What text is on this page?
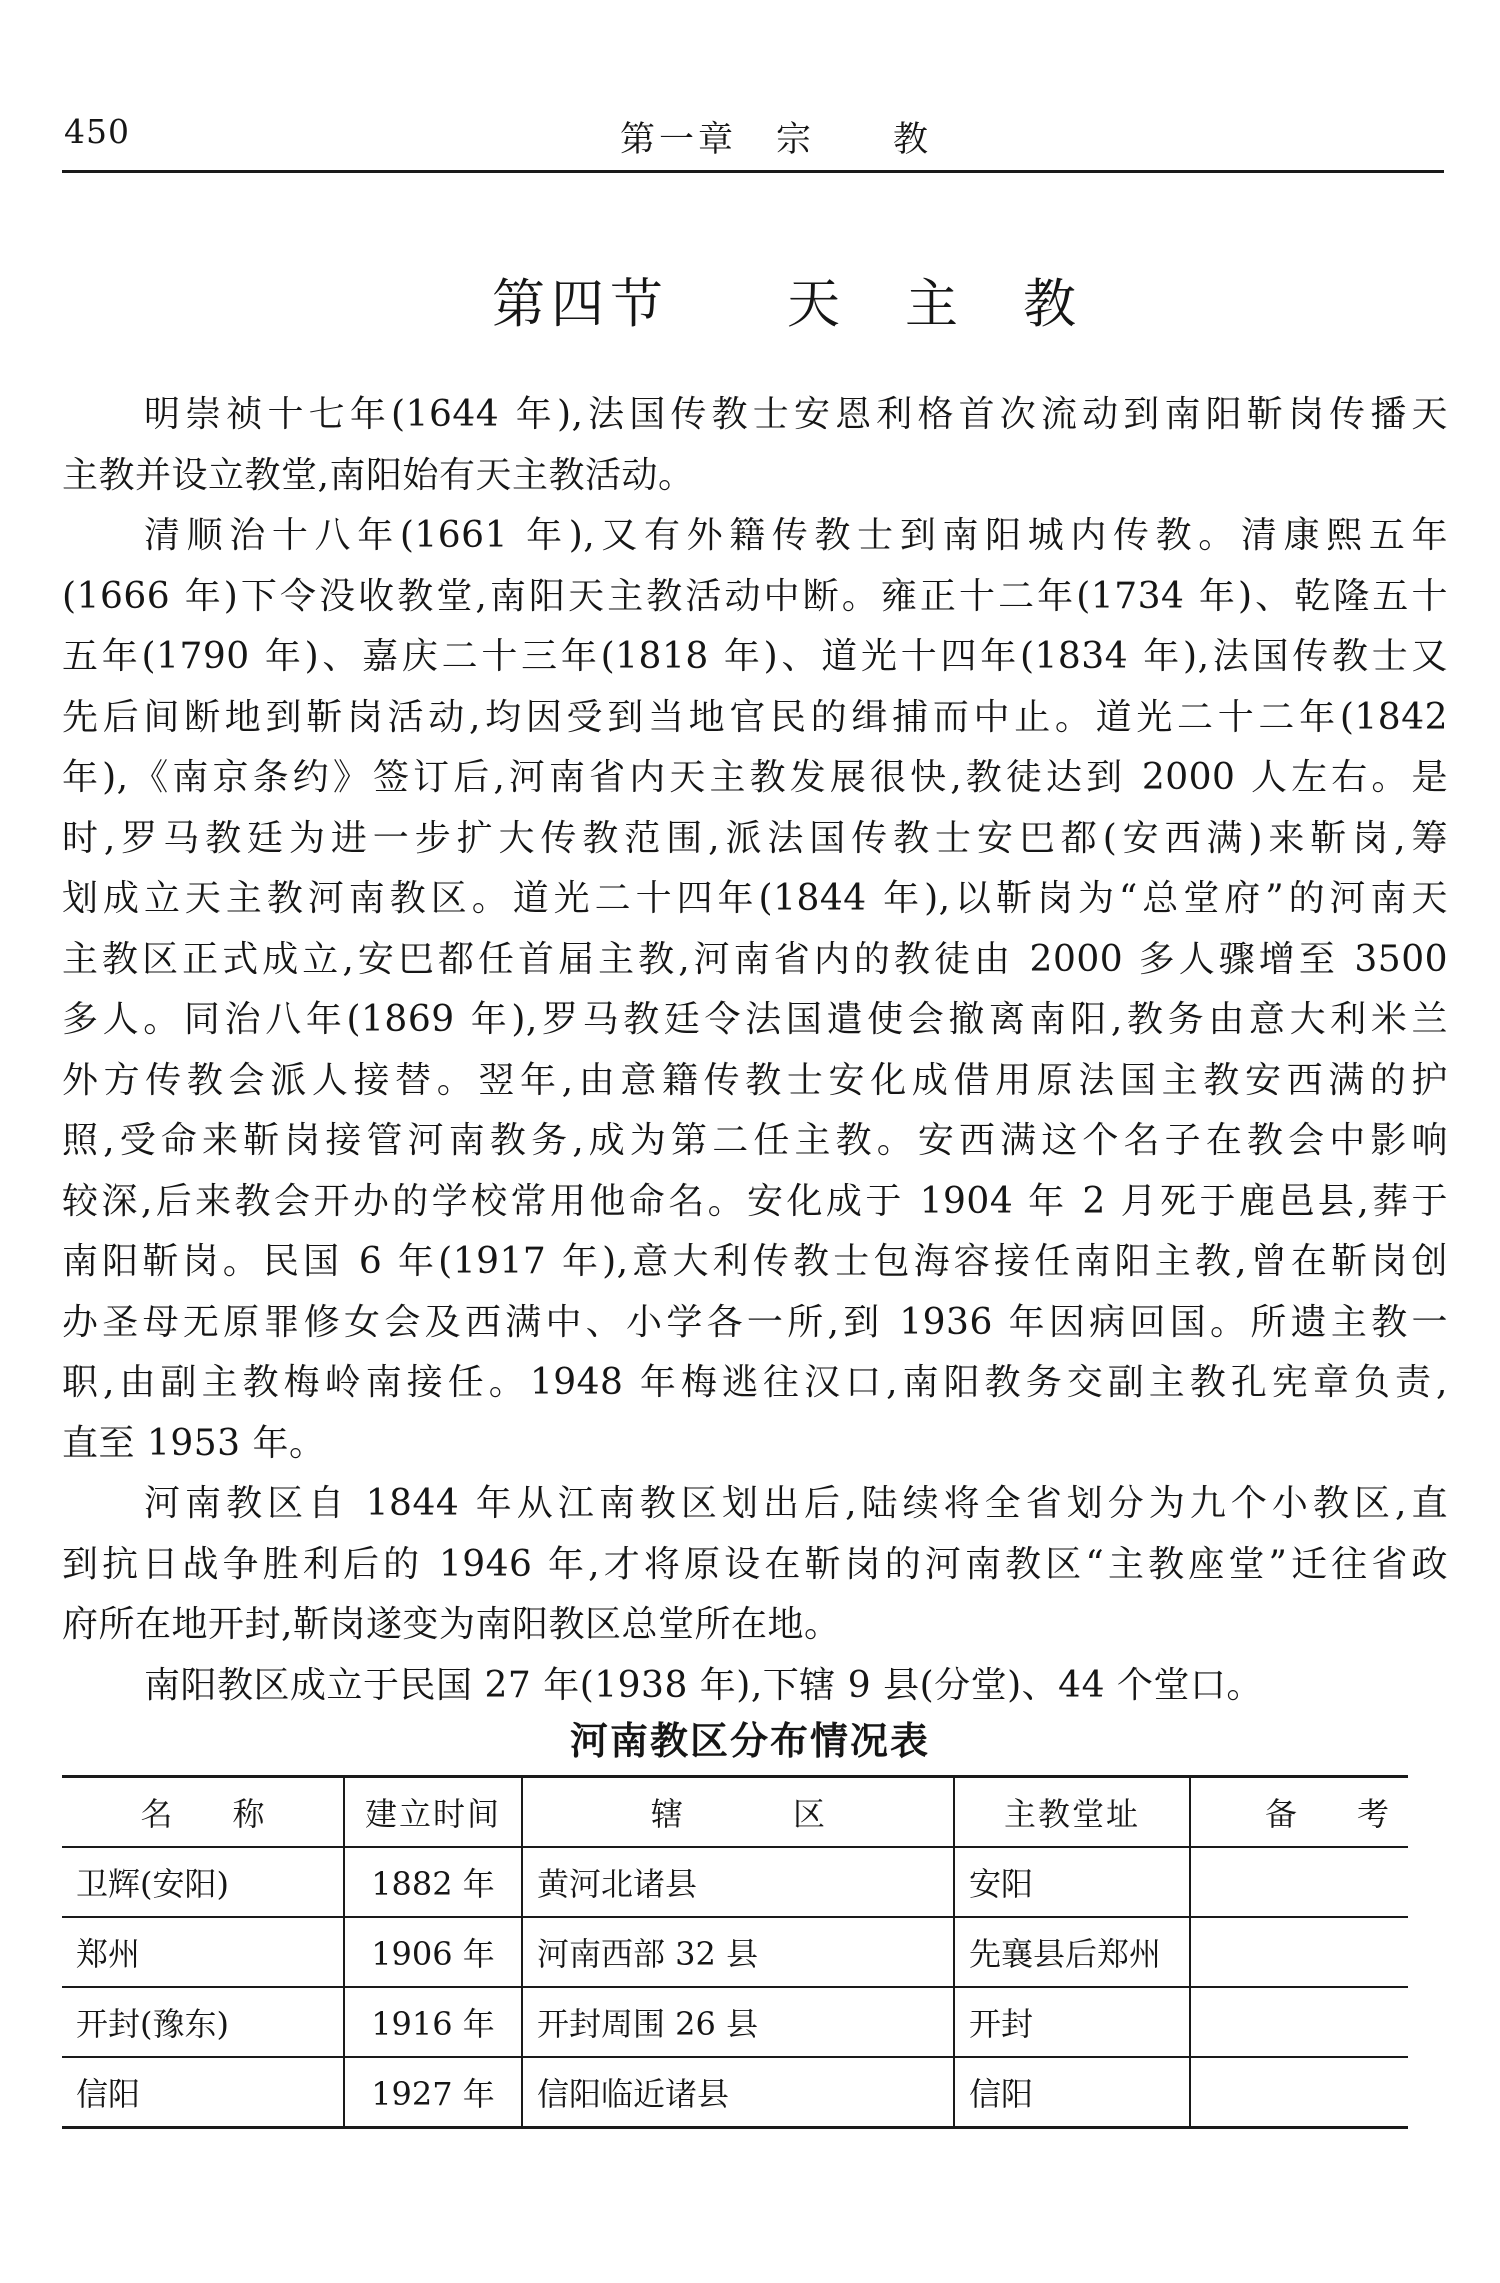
450	第一章　宗　　教
第四节　　天　主　教
明崇祯十七年(1644 年),法国传教士安恩利格首次流动到南阳靳岗传播天
主教并设立教堂,南阳始有天主教活动。
清顺治十八年(1661 年),又有外籍传教士到南阳城内传教。清康熙五年
(1666 年)下令没收教堂,南阳天主教活动中断。雍正十二年(1734 年)、乾隆五十
五年(1790 年)、嘉庆二十三年(1818 年)、道光十四年(1834 年),法国传教士又
先后间断地到靳岗活动,均因受到当地官民的缉捕而中止。道光二十二年(1842
年),《南京条约》签订后,河南省内天主教发展很快,教徒达到 2000 人左右。是
时,罗马教廷为进一步扩大传教范围,派法国传教士安巴都(安西满)来靳岗,筹
划成立天主教河南教区。道光二十四年(1844 年),以靳岗为“总堂府”的河南天
主教区正式成立,安巴都任首届主教,河南省内的教徒由 2000 多人骤增至 3500
多人。同治八年(1869 年),罗马教廷令法国遣使会撤离南阳,教务由意大利米兰
外方传教会派人接替。翌年,由意籍传教士安化成借用原法国主教安西满的护
照,受命来靳岗接管河南教务,成为第二任主教。安西满这个名子在教会中影响
较深,后来教会开办的学校常用他命名。安化成于 1904 年 2 月死于鹿邑县,葬于
南阳靳岗。民国 6 年(1917 年),意大利传教士包海容接任南阳主教,曾在靳岗创
办圣母无原罪修女会及西满中、小学各一所,到 1936 年因病回国。所遗主教一
职,由副主教梅岭南接任。1948 年梅逃往汉口,南阳教务交副主教孔宪章负责,
直至 1953 年。
河南教区自 1844 年从江南教区划出后,陆续将全省划分为九个小教区,直
到抗日战争胜利后的 1946 年,才将原设在靳岗的河南教区“主教座堂”迁往省政
府所在地开封,靳岗遂变为南阳教区总堂所在地。
南阳教区成立于民国 27 年(1938 年),下辖 9 县(分堂)、44 个堂口。
河南教区分布情况表
名称	建立时间	辖区	主教堂址	备考
卫辉(安阳)	1882 年	黄河北诸县	安阳	
郑州	1906 年	河南西部 32 县	先襄县后郑州	
开封(豫东)	1916 年	开封周围 26 县	开封	
信阳	1927 年	信阳临近诸县	信阳	
